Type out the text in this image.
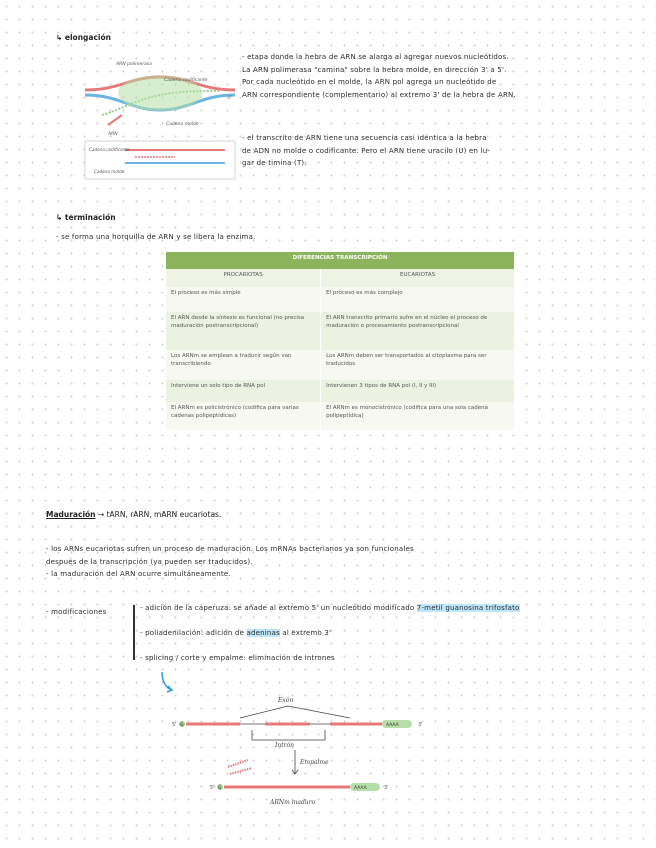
↳ elongación
ARN polimerasa
Cadena codificante
ARN
Cadena molde
5'
Cadena codificante
Cadena molde

- etapa donde la hebra de ARN se alarga al agregar nuevos nucleótidos.

La ARN polimerasa "camina" sobre la hebra molde, en dirección 3' a 5'.

Por cada nucleótido en el molde, la ARN pol agrega un nucleótido de

ARN correspondiente (complementario) al extremo 3' de la hebra de ARN.

- el transcrito de ARN tiene una secuencia casi idéntica a la hebra

de ADN no molde o codificante. Pero el ARN tiene uracilo (U) en lu-

gar de timina (T).

↳ terminación
- se forma una horquilla de ARN y se libera la enzima.
DIFERENCIAS TRANSCRIPCIÓN	
PROCARIOTAS	EUCARIOTAS
El proceso es más simple	El proceso es más complejo
El ARN desde la síntesis es funcional (no precisa maduración postranscripcional)	El ARN transcrito primario sufre en el núcleo el proceso de maduración o procesamiento postranscripcional
Los ARNm se emplean a traducir según van transcribiendo	Los ARNm deben ser transportados al citoplasma para ser traducidos
Interviene un solo tipo de RNA pol	Intervienen 3 tipos de RNA pol (I, II y III)
El ARNm es policistrónico (codifica para varias cadenas polipeptídicas)	El ARNm es monocistrónico (codifica para una sola cadena polipeptídica)
Maduración → tARN, rARN, mARN eucariotas.

- los ARNs eucariotas sufren un proceso de maduración. Los mRNAs bacterianos ya son funcionales

después de la transcripción (ya pueden ser traducidos).

- la maduración del ARN ocurre simultáneamente.

- modificaciones	- adición de la caperuza: se añade al extremo 5' un nucleótido modificado 7-metil guanosina trifosfato
- poliadenilación: adición de adeninas al extremo 3'
- splicing / corte y empalme: eliminación de intrones
5' G	AAAA	3'
Exón
Intrón
Empalme
5' G	AAAA	3'
ARNm maduro
